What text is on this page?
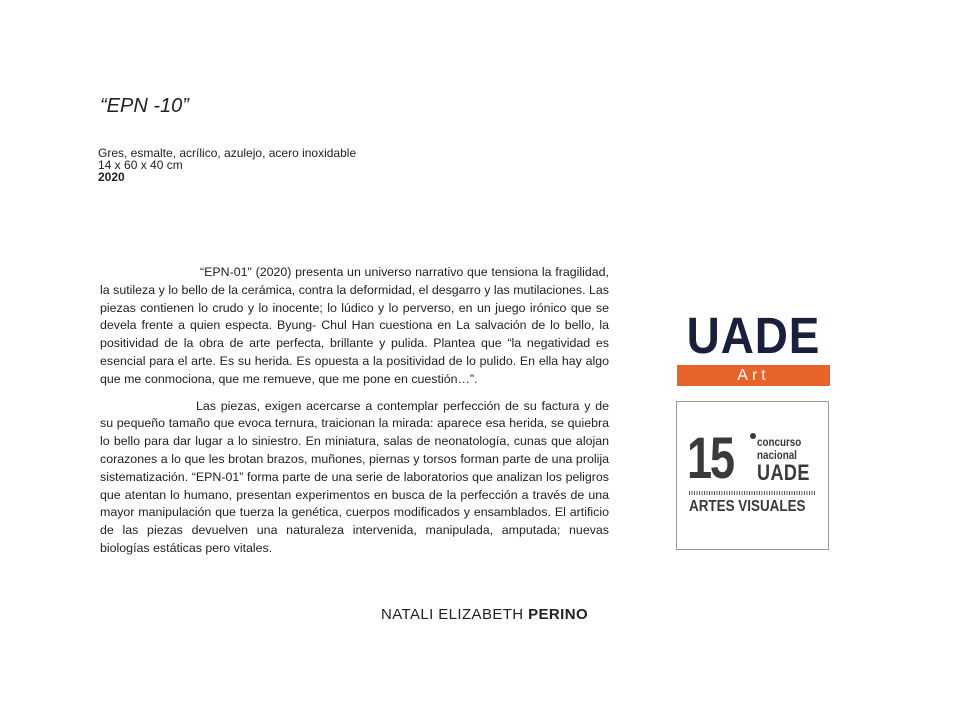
“EPN -10”
Gres, esmalte, acrílico, azulejo, acero inoxidable
14 x 60 x 40 cm
2020

“EPN-01" (2020) presenta un universo narrativo que tensiona la fragilidad, la sutileza y lo bello de la cerámica, contra la deformidad, el desgarro y las mutilaciones. Las piezas contienen lo crudo y lo inocente; lo lúdico y lo perverso, en un juego irónico que se devela frente a quien especta. Byung- Chul Han cuestiona en La salvación de lo bello, la positividad de la obra de arte perfecta, brillante y pulida. Plantea que “la negatividad es esencial para el arte. Es su herida. Es opuesta a la positividad de lo pulido. En ella hay algo que me conmociona, que me remueve, que me pone en cuestión…”.

Las piezas, exigen acercarse a contemplar perfección de su factura y de su pequeño tamaño que evoca ternura, traicionan la mirada: aparece esa herida, se quiebra lo bello para dar lugar a lo siniestro. En miniatura, salas de neonatología, cunas que alojan corazones a lo que les brotan brazos, muñones, piernas y torsos forman parte de una prolija sistematización. “EPN-01” forma parte de una serie de laboratorios que analizan los peligros que atentan lo humano, presentan experimentos en busca de la perfección a través de una mayor manipulación que tuerza la genética, cuerpos modificados y ensamblados. El artificio de las piezas devuelven una naturaleza intervenida, manipulada, amputada; nuevas biologías estáticas pero vitales.

NATALI ELIZABETH PERINO
UADE
Art
15 concurso
nacional
UADE
ARTES VISUALES
